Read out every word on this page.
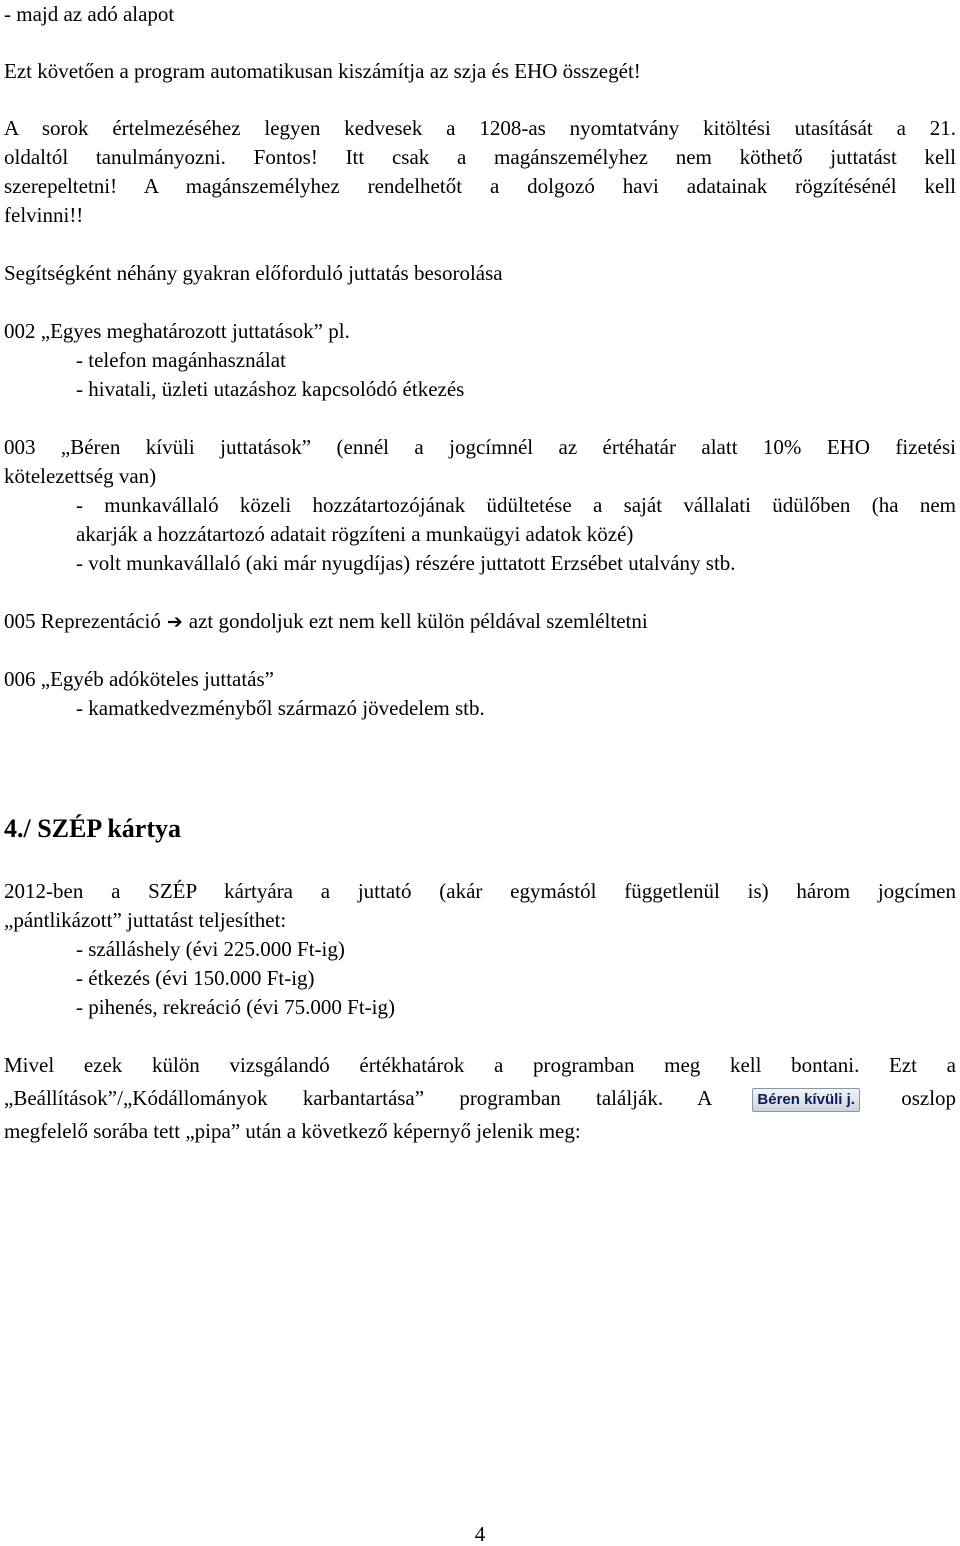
- majd az adó alapot
Ezt követően a program automatikusan kiszámítja az szja és EHO összegét!
A sorok értelmezéséhez legyen kedvesek a 1208-as nyomtatvány kitöltési utasítását a 21.
oldaltól tanulmányozni. Fontos! Itt csak a magánszemélyhez nem köthető juttatást kell
szerepeltetni! A magánszemélyhez rendelhetőt a dolgozó havi adatainak rögzítésénél kell
felvinni!!
Segítségként néhány gyakran előforduló juttatás besorolása
002 „Egyes meghatározott juttatások” pl.
- telefon magánhasználat
- hivatali, üzleti utazáshoz kapcsolódó étkezés
003 „Béren kívüli juttatások” (ennél a jogcímnél az értéhatár alatt 10% EHO fizetési
kötelezettség van)
- munkavállaló közeli hozzátartozójának üdültetése a saját vállalati üdülőben (ha nem
akarják a hozzátartozó adatait rögzíteni a munkaügyi adatok közé)
- volt munkavállaló (aki már nyugdíjas) részére juttatott Erzsébet utalvány stb.
005 Reprezentáció ➔ azt gondoljuk ezt nem kell külön példával szemléltetni
006 „Egyéb adóköteles juttatás”
- kamatkedvezményből származó jövedelem stb.
4./ SZÉP kártya
2012-ben a SZÉP kártyára a juttató (akár egymástól függetlenül is) három jogcímen
„pántlikázott” juttatást teljesíthet:
- szálláshely (évi 225.000 Ft-ig)
- étkezés (évi 150.000 Ft-ig)
- pihenés, rekreáció (évi 75.000 Ft-ig)
Mivel ezek külön vizsgálandó értékhatárok a programban meg kell bontani. Ezt a
„Beállítások”/„Kódállományok karbantartása” programban találják. A	Béren kívüli j. oszlop
megfelelő sorába tett „pipa” után a következő képernyő jelenik meg:
4
